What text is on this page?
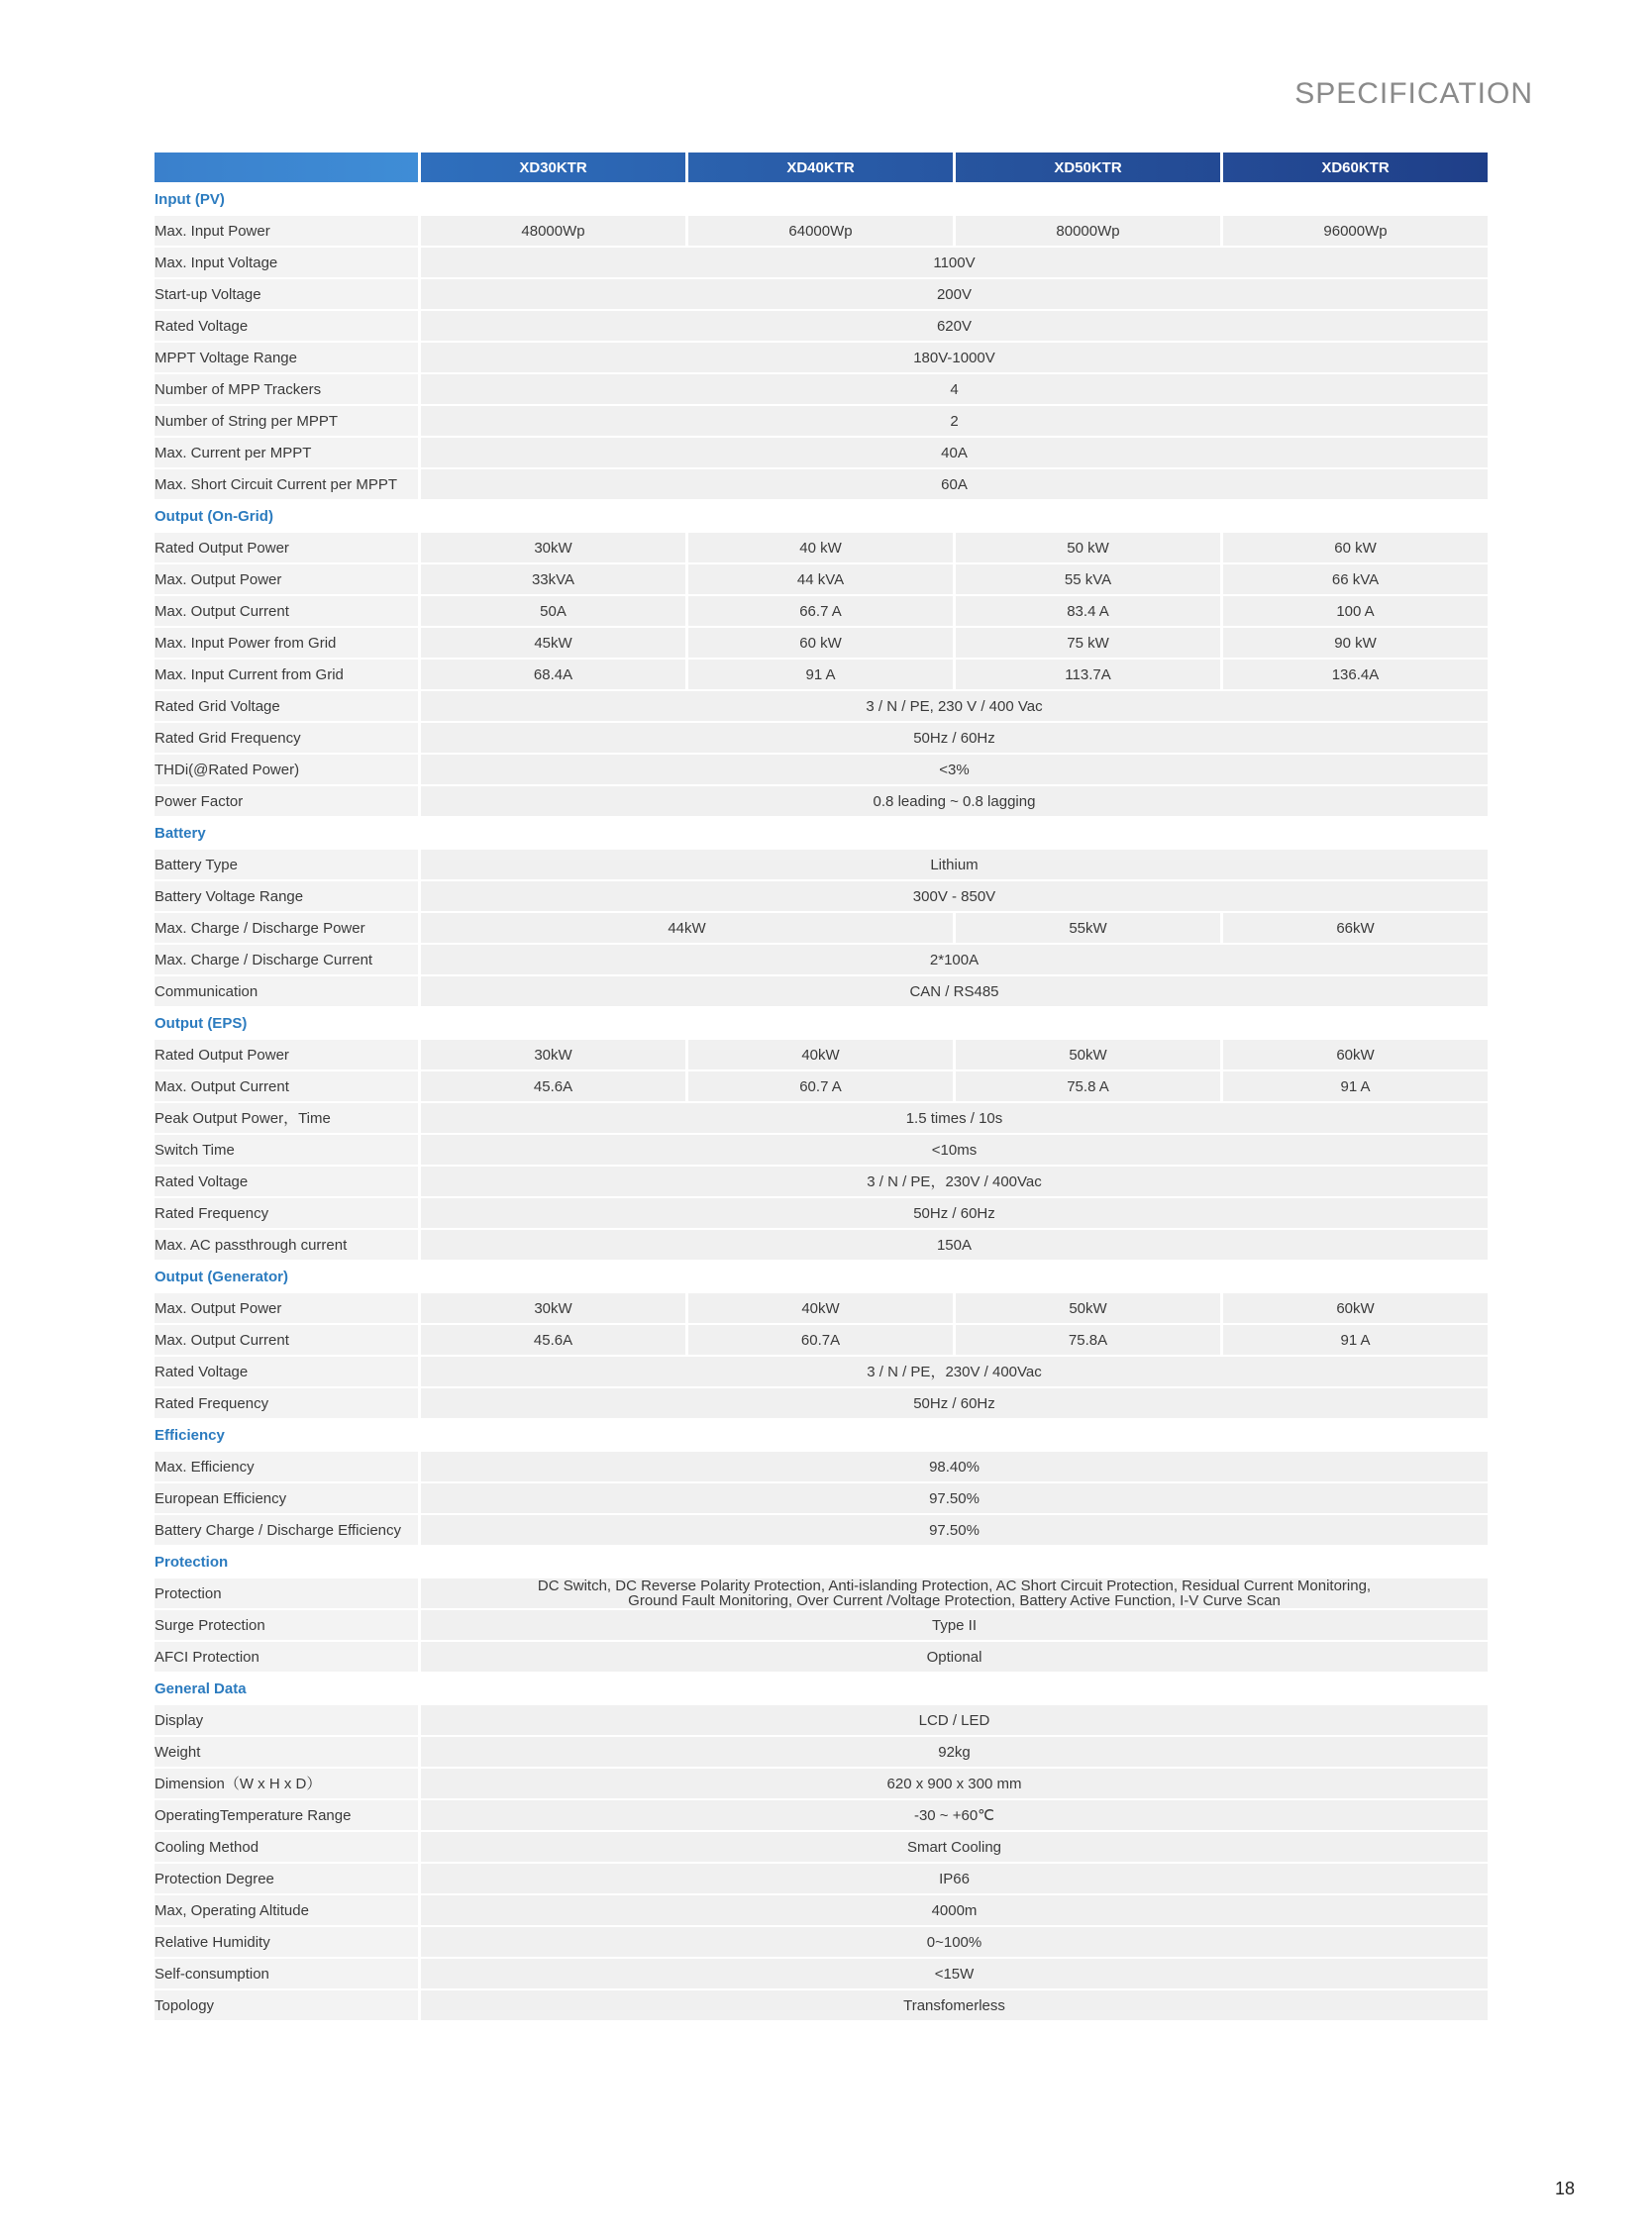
SPECIFICATION
	XD30KTR	XD40KTR	XD50KTR	XD60KTR
Input (PV)				
Max. Input Power	48000Wp	64000Wp	80000Wp	96000Wp
Max. Input Voltage	1100V			
Start-up Voltage	200V			
Rated Voltage	620V			
MPPT Voltage Range	180V-1000V			
Number of MPP Trackers	4			
Number of String per MPPT	2			
Max. Current per MPPT	40A			
Max. Short Circuit Current per MPPT	60A			
Output (On-Grid)				
Rated Output Power	30kW	40 kW	50 kW	60 kW
Max. Output Power	33kVA	44 kVA	55 kVA	66 kVA
Max. Output Current	50A	66.7 A	83.4 A	100 A
Max. Input Power from Grid	45kW	60 kW	75 kW	90 kW
Max. Input Current from Grid	68.4A	91 A	113.7A	136.4A
Rated Grid Voltage	3 / N / PE, 230 V / 400 Vac			
Rated Grid Frequency	50Hz / 60Hz			
THDi(@Rated Power)	<3%			
Power Factor	0.8 leading ~ 0.8 lagging			
Battery				
Battery Type	Lithium			
Battery Voltage Range	300V - 850V			
Max. Charge / Discharge Power	44kW		55kW	66kW
Max. Charge / Discharge Current	2*100A			
Communication	CAN / RS485			
Output (EPS)				
Rated Output Power	30kW	40kW	50kW	60kW
Max. Output Current	45.6A	60.7 A	75.8 A	91 A
Peak Output Power，Time	1.5 times / 10s			
Switch Time	<10ms			
Rated Voltage	3 / N / PE，230V / 400Vac			
Rated Frequency	50Hz / 60Hz			
Max. AC passthrough current	150A			
Output (Generator)				
Max. Output Power	30kW	40kW	50kW	60kW
Max. Output Current	45.6A	60.7A	75.8A	91 A
Rated Voltage	3 / N / PE，230V / 400Vac			
Rated Frequency	50Hz / 60Hz			
Efficiency				
Max. Efficiency	98.40%			
European Efficiency	97.50%			
Battery Charge / Discharge Efficiency	97.50%			
Protection				
Protection	DC Switch, DC Reverse Polarity Protection, Anti-islanding Protection, AC Short Circuit Protection, Residual Current Monitoring,
Ground Fault Monitoring, Over Current /Voltage Protection, Battery Active Function, I-V Curve Scan			
Surge Protection	Type II			
AFCI Protection	Optional			
General Data				
Display	LCD / LED			
Weight	92kg			
Dimension（W x H x D）	620 x 900 x 300 mm			
OperatingTemperature Range	-30 ~ +60℃			
Cooling Method	Smart Cooling			
Protection Degree	IP66			
Max, Operating Altitude	4000m			
Relative Humidity	0~100%			
Self-consumption	<15W			
Topology	Transfomerless			
18
